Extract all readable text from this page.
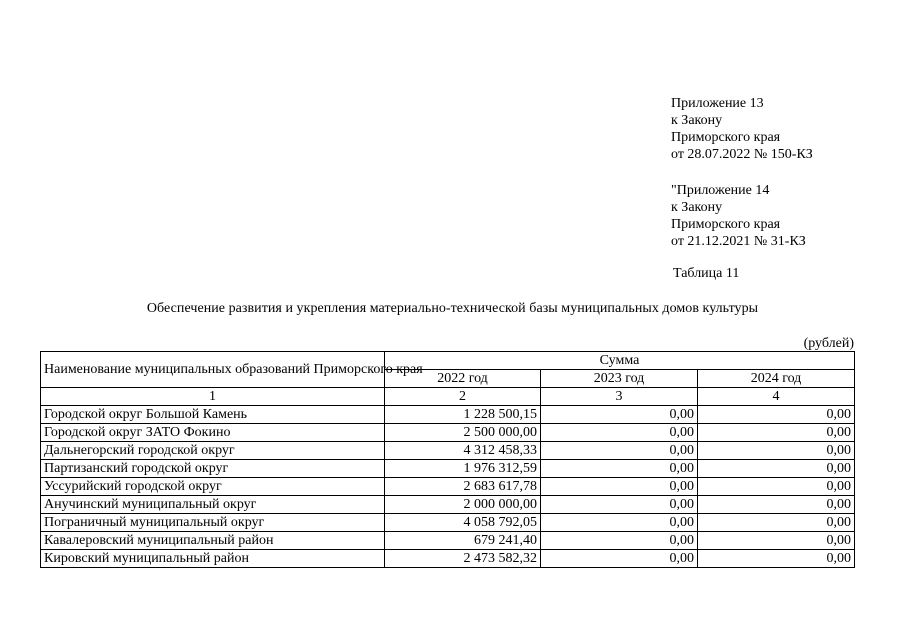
Приложение 13
к Закону
Приморского края
от 28.07.2022 № 150-КЗ
"Приложение 14
к Закону
Приморского края
от 21.12.2021 № 31-КЗ
Таблица 11
Обеспечение развития и укрепления материально-технической базы муниципальных домов культуры
(рублей)
Наименование муниципальных образований Приморского края	Сумма		
	2022 год	2023 год	2024 год
1	2	3	4
Городской округ Большой Камень	1 228 500,15	0,00	0,00
Городской округ ЗАТО Фокино	2 500 000,00	0,00	0,00
Дальнегорский городской округ	4 312 458,33	0,00	0,00
Партизанский городской округ	1 976 312,59	0,00	0,00
Уссурийский городской округ	2 683 617,78	0,00	0,00
Анучинский муниципальный округ	2 000 000,00	0,00	0,00
Пограничный муниципальный округ	4 058 792,05	0,00	0,00
Кавалеровский муниципальный район	679 241,40	0,00	0,00
Кировский муниципальный район	2 473 582,32	0,00	0,00
